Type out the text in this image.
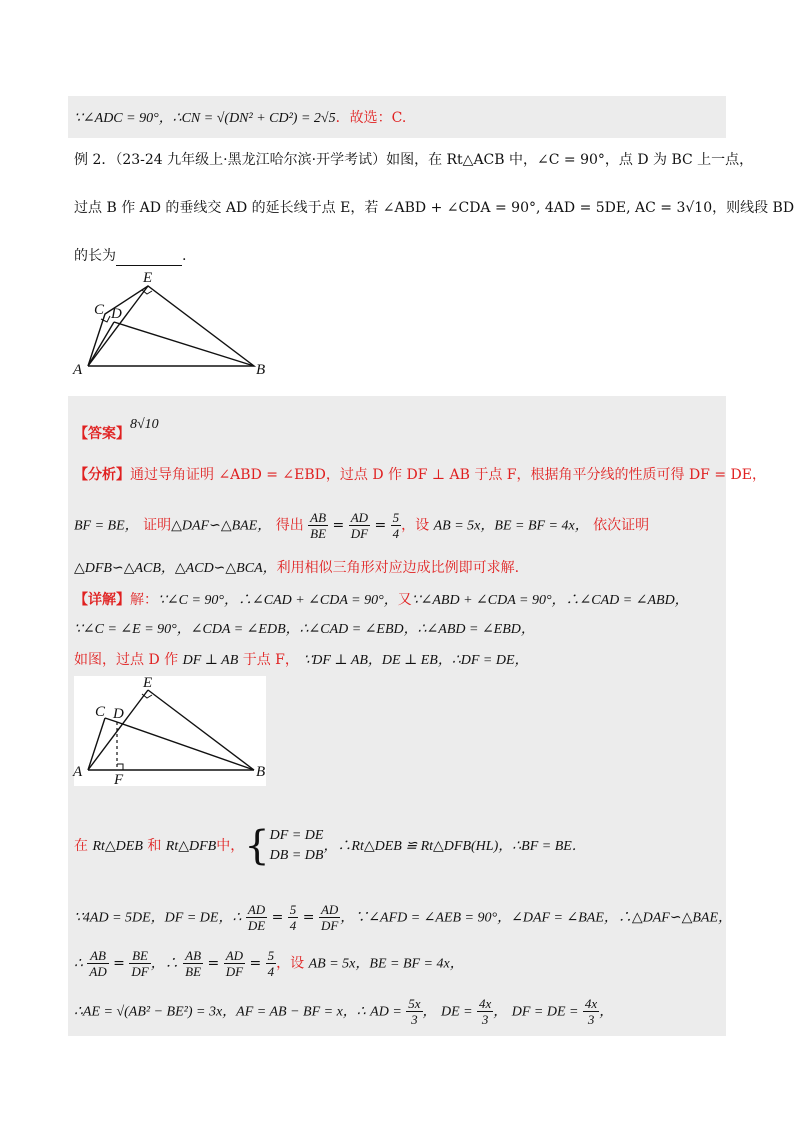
∵∠ADC = 90°，∴CN = √(DN² + CD²) = 2√5．故选：C.
例 2．（23-24 九年级上·黑龙江哈尔滨·开学考试）如图，在 Rt△ACB 中，∠C = 90°，点 D 为 BC 上一点，
过点 B 作 AD 的垂线交 AD 的延长线于点 E，若 ∠ABD + ∠CDA = 90°, 4AD = 5DE, AC = 3√10，则线段 BD
的长为	.
E
C D
A	B
【答案】8√10
【分析】通过导角证明 ∠ABD = ∠EBD，过点 D 作 DF ⊥ AB 于点 F，根据角平分线的性质可得 DF = DE，
BF = BE， 证明△DAF∽△BAE， 得出 $\frac{AB}{BE} = \frac{AD}{DF} = \frac{5}{4}$ ，设 AB = 5x，BE = BF = 4x， 依次证明
△DFB∽△ACB，△ACD∽△BCA，利用相似三角形对应边成比例即可求解.
【详解】解：∵∠C = 90°，∴∠CAD + ∠CDA = 90°，又∵∠ABD + ∠CDA = 90°，∴∠CAD = ∠ABD，
∵∠C = ∠E = 90°，∠CDA = ∠EDB，∴∠CAD = ∠EBD，∴∠ABD = ∠EBD，
如图，过点 D 作 DF ⊥ AB 于点 F， ∵DF ⊥ AB，DE ⊥ EB，∴DF = DE，
E
C D
A	B
F
在 Rt△DEB 和 Rt△DFB中，{ DF = DE
DB = DB
，∴Rt△DEB ≌ Rt△DFB(HL)，∴BF = BE．
∵4AD = 5DE，DF = DE，∴ $\frac{AD}{DE} = \frac{5}{4} = \frac{AD}{DF}$ ，∵∠AFD = ∠AEB = 90°，∠DAF = ∠BAE，∴△DAF∽△BAE，
∴ $\frac{AB}{AD} = \frac{BE}{DF}$ ，∴ $\frac{AB}{BE} = \frac{AD}{DF} = \frac{5}{4}$ ，设 AB = 5x，BE = BF = 4x，
∴AE = √(AB² − BE²) = 3x，AF = AB − BF = x，∴ AD = $\frac{5x}{3}$ ， DE = $\frac{4x}{3}$ ， DF = DE = $\frac{4x}{3}$ ，
